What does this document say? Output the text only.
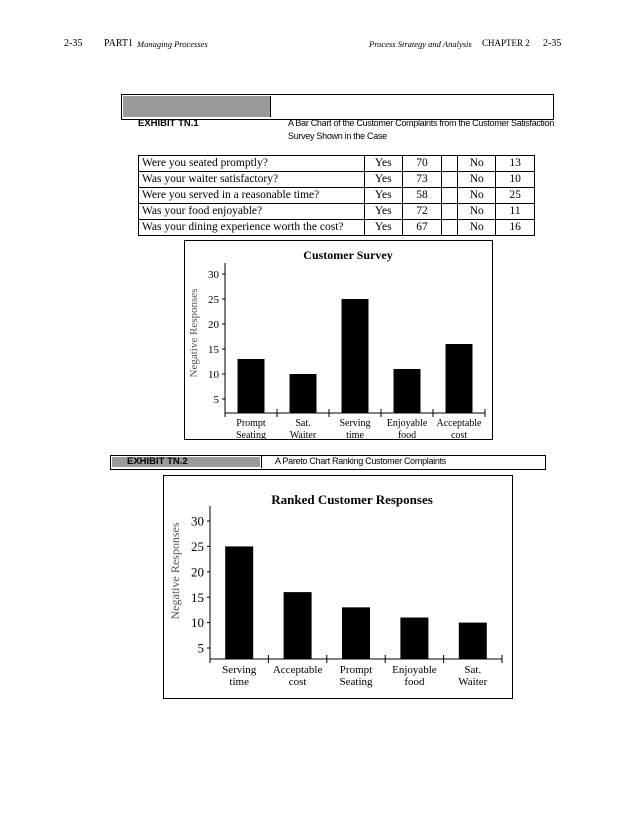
2-35 PART1 Managing Processes	Process Strategy and Analysis CHAPTER 2 2-35
EXHIBIT TN.1	A Bar Chart of the Customer Complaints from the Customer Satisfaction
Survey Shown in the Case
Were you seated promptly?	Yes	70		No	13
Was your waiter satisfactory?	Yes	73		No	10
Were you served in a reasonable time?	Yes	58		No	25
Was your food enjoyable?	Yes	72		No	11
Was your dining experience worth the cost?	Yes	67		No	16
Customer Survey
Negative Responses
5
10
15
20
25
30
Prompt
Seating
Sat.
Waiter
Serving
time
Enjoyable
food
Acceptable
cost
EXHIBIT TN.2	A Pareto Chart Ranking Customer Complaints
Ranked Customer Responses
Negative Responses
5
10
15
20
25
30
Serving
time
Acceptable
cost
Prompt
Seating
Enjoyable
food
Sat.
Waiter
